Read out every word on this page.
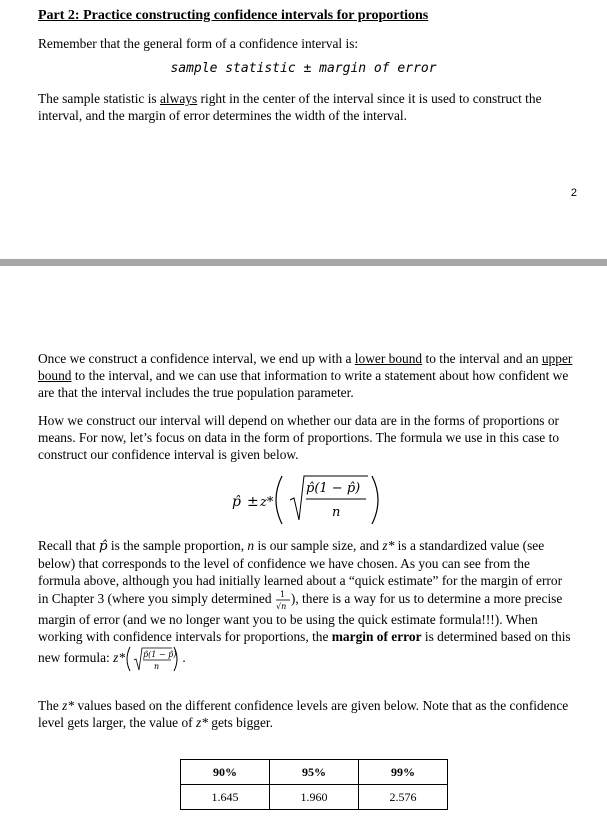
Part 2: Practice constructing confidence intervals for proportions
Remember that the general form of a confidence interval is:
sample statistic ± margin of error
The sample statistic is always right in the center of the interval since it is used to construct the interval, and the margin of error determines the width of the interval.
2
Once we construct a confidence interval, we end up with a lower bound to the interval and an upper bound to the interval, and we can use that information to write a statement about how confident we are that the interval includes the true population parameter.
How we construct our interval will depend on whether our data are in the forms of proportions or means. For now, let’s focus on data in the form of proportions. The formula we use in this case to construct our confidence interval is given below.
p̂ ± z*
p̂(1 − p̂)
n
Recall that p̂ is the sample proportion, n is our sample size, and z* is a standardized value (see below) that corresponds to the level of confidence we have chosen. As you can see from the formula above, although you had initially learned about a “quick estimate” for the margin of error in Chapter 3 (where you simply determined 1
√n
), there is a way for us to determine a more precise margin of error (and we no longer want you to be using the quick estimate formula!!!). When working with confidence intervals for proportions, the margin of error is determined based on this new formula: z* p̂(1 − p̂)
n
.
The z* values based on the different confidence levels are given below. Note that as the confidence level gets larger, the value of z* gets bigger.
90%	95%	99%
1.645	1.960	2.576
